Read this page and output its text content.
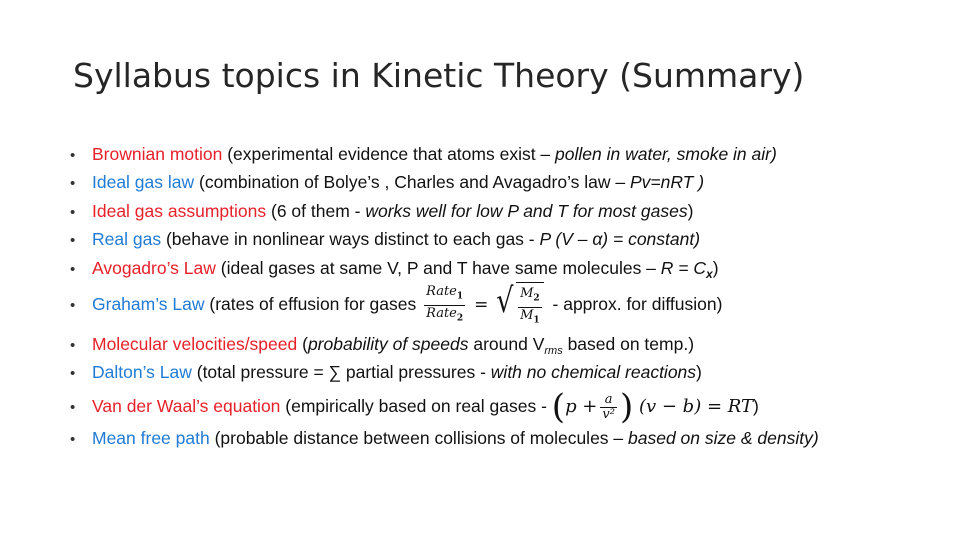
Syllabus topics in Kinetic Theory (Summary)
• Brownian motion (experimental evidence that atoms exist – pollen in water, smoke in air)
• Ideal gas law (combination of Bolye’s , Charles and Avagadro’s law – Pv=nRT )
• Ideal gas assumptions (6 of them - works well for low P and T for most gases)
• Real gas (behave in nonlinear ways distinct to each gas - P (V – α) = constant)
• Avogadro’s Law (ideal gases at same V, P and T have same molecules – $R = C_x$)
• Graham’s Law (rates of effusion for gases $\frac{Rate_1}{Rate_2}$ = √ $\frac{M_2}{M_1}$ - approx. for diffusion)
• Molecular velocities/speed (probability of speeds around $V_{rms}$ based on temp.)
• Dalton’s Law (total pressure = ∑ partial pressures - with no chemical reactions)
• Van der Waal’s equation (empirically based on real gases - ($p + \frac{a}{\text{v²}}$ ) (v − b) = RT)
• Mean free path (probable distance between collisions of molecules – based on size & density)
